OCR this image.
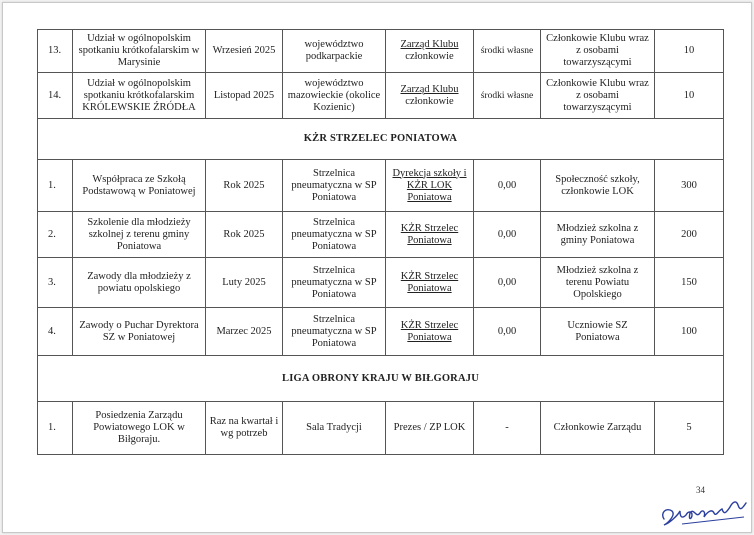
13.	Udział w ogólnopolskim spotkaniu krótkofalarskim w Marysinie	Wrzesień 2025	województwo podkarpackie	Zarząd Klubu
członkowie	środki własne	Członkowie Klubu wraz z osobami towarzyszącymi	10
14.	Udział w ogólnopolskim spotkaniu krótkofalarskim KRÓLEWSKIE ŹRÓDŁA	Listopad 2025	województwo mazowieckie (okolice Kozienic)	Zarząd Klubu
członkowie	środki własne	Członkowie Klubu wraz z osobami towarzyszącymi	10
KŻR STRZELEC PONIATOWA							
1.	Współpraca ze Szkołą Podstawową w Poniatowej	Rok 2025	Strzelnica pneumatyczna w SP Poniatowa	Dyrekcja szkoły i KŻR LOK Poniatowa	0,00	Społeczność szkoły, członkowie LOK	300
2.	Szkolenie dla młodzieży szkolnej z terenu gminy Poniatowa	Rok 2025	Strzelnica pneumatyczna w SP Poniatowa	KŻR Strzelec Poniatowa	0,00	Młodzież szkolna z gminy Poniatowa	200
3.	Zawody dla młodzieży z powiatu opolskiego	Luty 2025	Strzelnica pneumatyczna w SP Poniatowa	KŻR Strzelec Poniatowa	0,00	Młodzież szkolna z terenu Powiatu Opolskiego	150
4.	Zawody o Puchar Dyrektora SZ w Poniatowej	Marzec 2025	Strzelnica pneumatyczna w SP Poniatowa	KŻR Strzelec Poniatowa	0,00	Uczniowie SZ Poniatowa	100
LIGA OBRONY KRAJU W BIŁGORAJU							
1.	Posiedzenia Zarządu Powiatowego LOK w Biłgoraju.	Raz na kwartał i wg potrzeb	Sala Tradycji	Prezes / ZP LOK	-	Członkowie Zarządu	5
34
